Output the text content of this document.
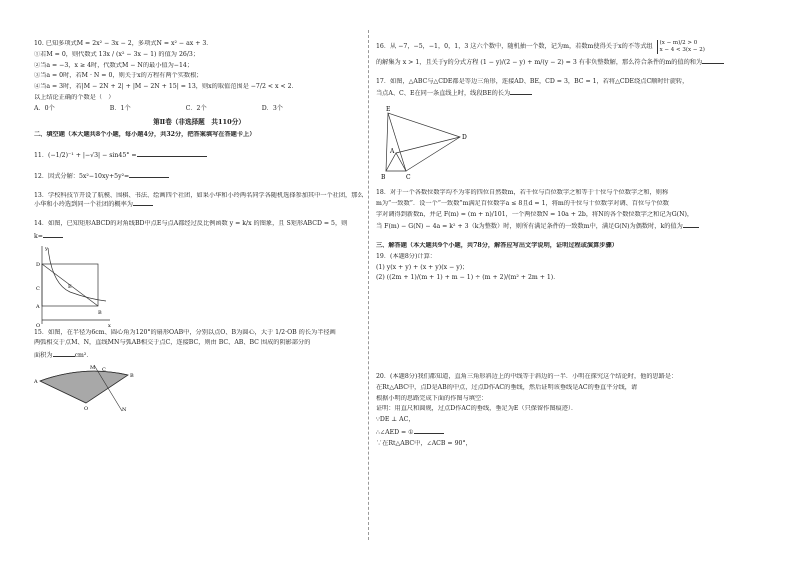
10. 已知多项式M = 2x² − 3x − 2，多项式N = x² − ax + 3．
①若M = 0，则代数式 13x / (x² − 3x − 1) 的值为 26/3；
②当a = −3，x ≥ 4时，代数式M − N的最小值为−14；
③当a = 0时，若M · N = 0，则关于x的方程有两个实数根；
④当a = 3时，若|M − 2N + 2| + |M − 2N + 15| = 13，则x的取值范围是 −7/2 < x < 2．
以上结论正确的个数是（　）
A．0个	B．1个	C．2个	D．3个
第Ⅱ卷（非选择题　共110分）
二、填空题（本大题共8个小题，每小题4分，共32分，把答案填写在答题卡上）
11．(−1/2)⁻¹ + |−√3| − sin45° =
12．因式分解：5x²−10xy+5y²=
13．学校科技节开设了航模、围棋、书法、绘画四个社团，如果小华和小玲两名同学各随机选择参加其中一个社团，那么小华和小玲选到同一个社团的概率为
14．如图，已知矩形ABCD的对角线BD中点E与点A都经过反比例函数 y = k/x 的图象，且 S矩形ABCD = 5，则
k=
D
C	E
A
B
O	x
y
15．如图，在半径为6cm、圆心角为120°的扇形OAB中，分别以点O、B为圆心，大于 1/2·OB 的长为半径画
两弧相交于点M、N，直线MN与弧AB相交于点C，连接BC，则由 BC、AB、BC 围成的阴影部分的
面积为	cm²．
A
O
B
M
N
C
16．从 −7，−5，−1，0，1，3 这六个数中，随机抽一个数，记为m，若数m使得关于x的不等式组 (x − m)/2 > 0
x − 4 < 3(x − 2)
的解集为 x > 1，且关于y的分式方程 (1 − y)/(2 − y) + m/(y − 2) = 3 有非负整数解，那么符合条件的m的值的和为
17．如图，△ABC与△CDE都是等边三角形，连接AD、BE，CD = 3，BC = 1，若将△CDE绕点C顺时针旋转，
当点A、C、E在同一条直线上时，线段BE的长为
E
A
D
B	C
18．对于一个各数位数字均不为零的四位自然数m，若千位与百位数字之和等于十位与个位数字之和，则称
m为“一致数”．设一个“一致数”m满足百位数字a ≤ 8且d = 1，将m的千位与十位数字对调、百位与个位数
字对调得到新数n，并记 F(m) = (m + n)/101，一个两位数N = 10a + 2b，将N的各个数位数字之和记为G(N)，
当 F(m) − G(N) − 4a = k² + 3（k为整数）时，则所有满足条件的一致数m中，满足G(N)为偶数时，k的值为
三、解答题（本大题共9个小题，共78分，解答应写出文字说明，证明过程或演算步骤）
19．(本题8分)计算：
(1) y(x + y) + (x + y)(x − y)；
(2) ((2m + 1)/(m + 1) + m − 1) ÷ (m + 2)/(m² + 2m + 1)．
20．(本题8分)我们都知道，直角三角形斜边上的中线等于斜边的一半．小明在探究这个结论时，他的思路是：
在Rt△ABC中，点D是AB的中点，过点D作AC的垂线，然后证明该垂线是AC的垂直平分线，请
根据小明的思路完成下面的作图与填空：
证明：用直尺和圆规，过点D作AC的垂线，垂足为E（只保留作图痕迹）．
∵DE ⊥ AC，
∴∠AED = ①
∵在Rt△ABC中，∠ACB = 90°，
